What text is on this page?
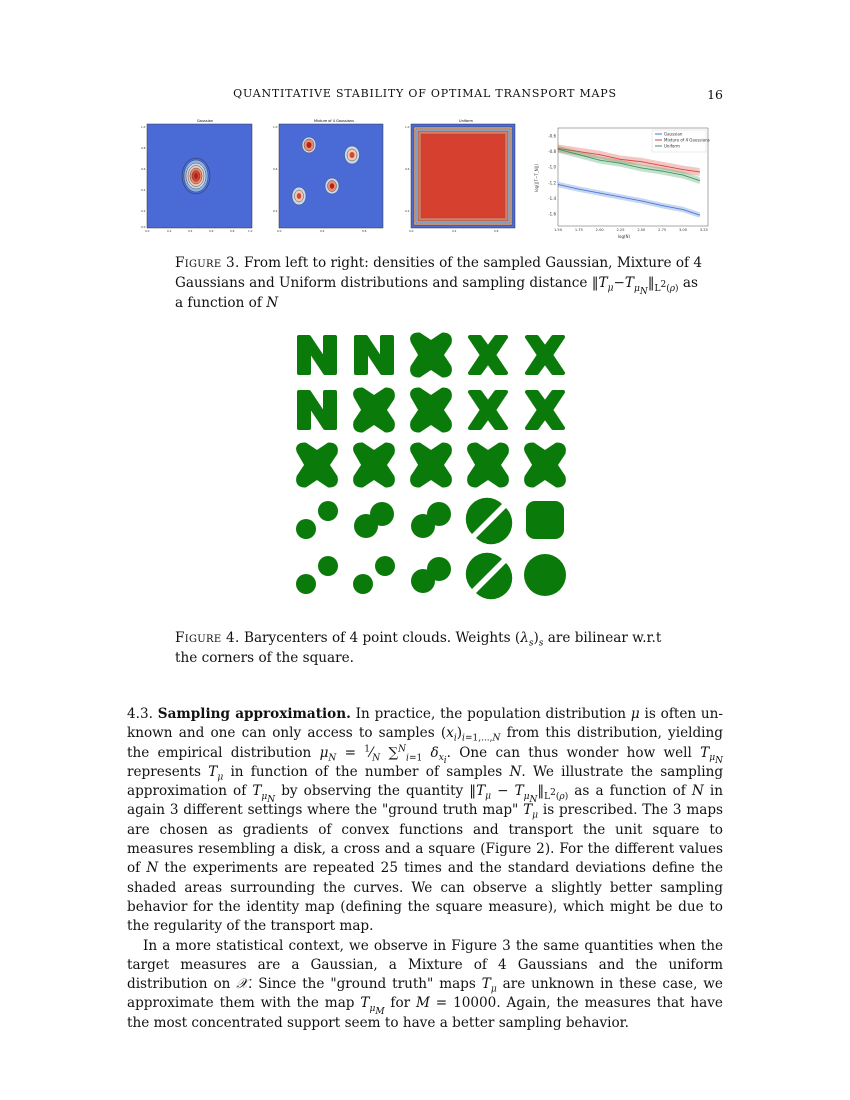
QUANTITATIVE STABILITY OF OPTIMAL TRANSPORT MAPS	16
Gaussian
1.0
0.8
0.6
0.4
0.2
0.0
0.0	0.2	0.4	0.6	0.8	1.0
Mixture of 4 Gaussians
1.0
0.6
0.2
0.0	0.4	0.8
Uniform
1.0
0.6
0.2
0.0	0.4	0.8
-0.6
-0.8
-1.0
-1.2
-1.4
-1.6
1.50	1.75	2.00	2.25	2.50	2.75	3.00	3.25
Gaussian
Mixture of 4 Gaussians
Uniform
log(N)
log(||T−T_N||)
Figure 3. From left to right: densities of the sampled Gaussian, Mixture of 4 Gaussians and Uniform distributions and sampling distance $‖T_\mu-T_{\mu_N}‖_{L^2(\rho)}$ as a function of N
Figure 4. Barycenters of 4 point clouds. Weights $(\lambda_s)_s$ are bilinear w.r.t
the corners of the square.

4.3. Sampling approximation. In practice, the population distribution μ is often un-known and one can only access to samples $(x_i)_{i=1,...,N}$ from this distribution, yielding the empirical distribution $\mu_N$ = $^1⁄_N$ ∑$^N_{i=1}$ $\delta_{x_i}$. One can thus wonder how well $T_{\mu_N}$ represents $T_\mu$ in function of the number of samples N. We illustrate the sampling approximation of $T_{\mu_N}$ by observing the quantity $‖T_\mu$ − $T_{\mu_N}‖_{L^2(\rho)}$ as a function of N in again 3 different settings where the "ground truth map" $T_\mu$ is prescribed. The 3 maps are chosen as gradients of convex functions and transport the unit square to measures resembling a disk, a cross and a square (Figure 2). For the different values of N the experiments are repeated 25 times and the standard deviations define the shaded areas surrounding the curves. We can observe a slightly better sampling behavior for the identity map (defining the square measure), which might be due to the regularity of the transport map.

In a more statistical context, we observe in Figure 3 the same quantities when the target measures are a Gaussian, a Mixture of 4 Gaussians and the uniform distribution on 𝒳. Since the "ground truth" maps $T_\mu$ are unknown in these case, we approximate them with the map $T_{\mu_M}$ for M = 10000. Again, the measures that have the most concentrated support seem to have a better sampling behavior.
